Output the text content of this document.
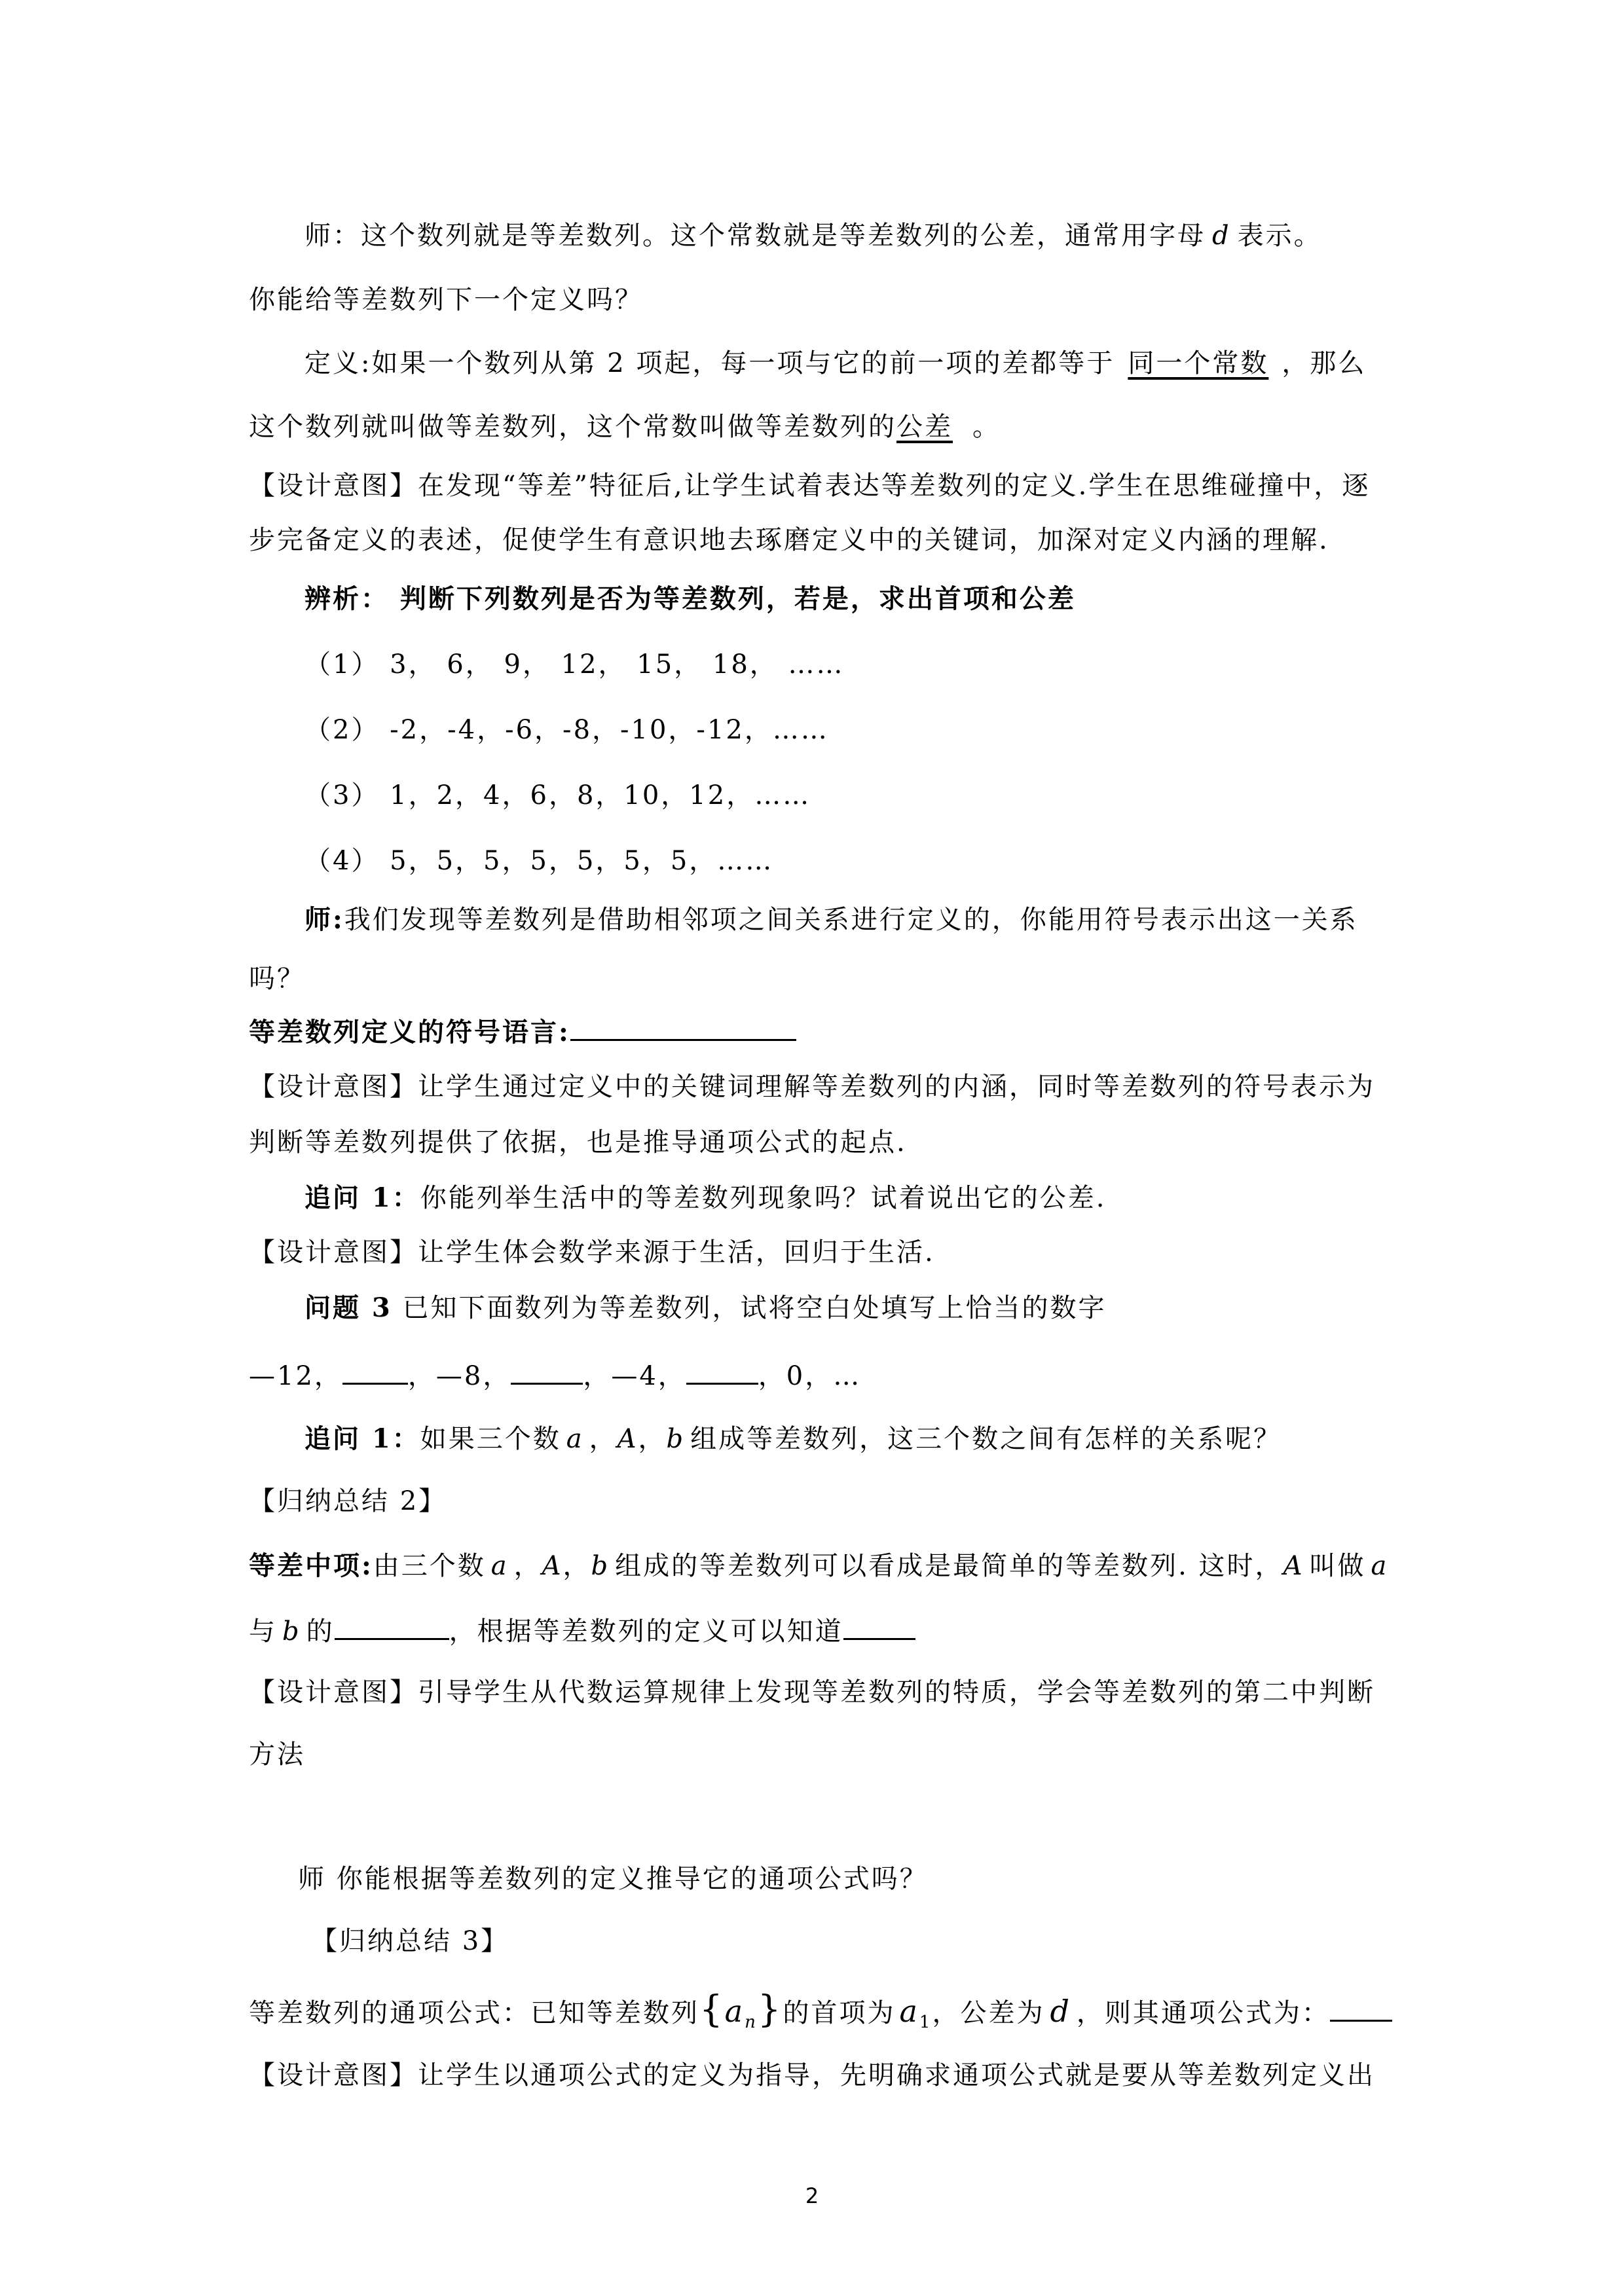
师：这个数列就是等差数列。这个常数就是等差数列的公差，通常用字母 d 表示。
你能给等差数列下一个定义吗？
定义:如果一个数列从第 2 项起，每一项与它的前一项的差都等于 同一个常数 ，那么
这个数列就叫做等差数列，这个常数叫做等差数列的公差 。
【设计意图】在发现“等差”特征后,让学生试着表达等差数列的定义.学生在思维碰撞中，逐
步完备定义的表述，促使学生有意识地去琢磨定义中的关键词，加深对定义内涵的理解.
辨析： 判断下列数列是否为等差数列，若是，求出首项和公差
（1） 3， 6， 9， 12， 15， 18， ……
（2） -2，-4，-6，-8，-10，-12，……
（3） 1，2，4，6，8，10，12，……
（4） 5，5，5，5，5，5，5，……
师:我们发现等差数列是借助相邻项之间关系进行定义的，你能用符号表示出这一关系
吗？
等差数列定义的符号语言:
【设计意图】让学生通过定义中的关键词理解等差数列的内涵，同时等差数列的符号表示为
判断等差数列提供了依据，也是推导通项公式的起点.
追问 1：你能列举生活中的等差数列现象吗？试着说出它的公差.
【设计意图】让学生体会数学来源于生活，回归于生活.
问题 3 已知下面数列为等差数列，试将空白处填写上恰当的数字
—12，	，—8，	，—4，	，0，…
追问 1：如果三个数 a ，A，b 组成等差数列，这三个数之间有怎样的关系呢？
【归纳总结 2】
等差中项:由三个数 a ，A，b 组成的等差数列可以看成是最简单的等差数列. 这时，A 叫做 a
与 b 的	，根据等差数列的定义可以知道
【设计意图】引导学生从代数运算规律上发现等差数列的特质，学会等差数列的第二中判断
方法
师 你能根据等差数列的定义推导它的通项公式吗？
【归纳总结 3】
等差数列的通项公式：已知等差数列$\{a_n\}$的首项为 $a_1$，公差为 d ，则其通项公式为：
【设计意图】让学生以通项公式的定义为指导，先明确求通项公式就是要从等差数列定义出
2
